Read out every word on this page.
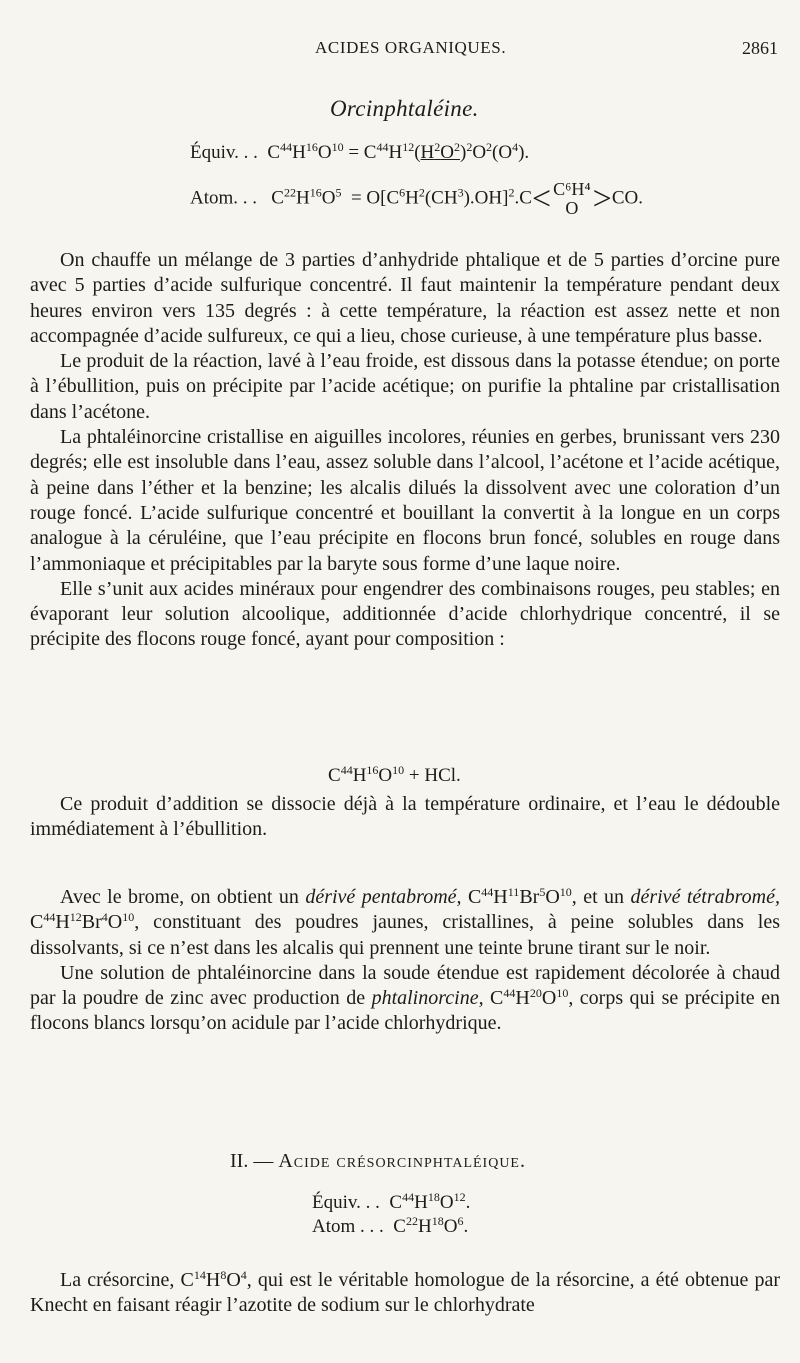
ACIDES ORGANIQUES.	2861
Orcinphtaléine.
Équiv. . .  $C^{44}H^{16}O^{10} = C^{44}H^{12}(H^2O^2)^2O^2(O^4)$.
Atom. . .   $C^{22}H^{16}O^5 = O[C^6H^2(CH^3).OH]^2.C< C^6H^4$
O >CO.

On chauffe un mélange de 3 parties d’anhydride phtalique et de 5 parties d’orcine pure avec 5 parties d’acide sulfurique concentré. Il faut maintenir la température pendant deux heures environ vers 135 degrés : à cette température, la réaction est assez nette et non accompagnée d’acide sulfureux, ce qui a lieu, chose curieuse, à une température plus basse.

Le produit de la réaction, lavé à l’eau froide, est dissous dans la potasse étendue; on porte à l’ébullition, puis on précipite par l’acide acétique; on purifie la phtaline par cristallisation dans l’acétone.

La phtaléinorcine cristallise en aiguilles incolores, réunies en gerbes, brunissant vers 230 degrés; elle est insoluble dans l’eau, assez soluble dans l’alcool, l’acétone et l’acide acétique, à peine dans l’éther et la benzine; les alcalis dilués la dissolvent avec une coloration d’un rouge foncé. L’acide sulfurique concentré et bouillant la convertit à la longue en un corps analogue à la céruléine, que l’eau précipite en flocons brun foncé, solubles en rouge dans l’ammoniaque et précipitables par la baryte sous forme d’une laque noire.

Elle s’unit aux acides minéraux pour engendrer des combinaisons rouges, peu stables; en évaporant leur solution alcoolique, additionnée d’acide chlorhydrique concentré, il se précipite des flocons rouge foncé, ayant pour composition :

$C^{44}H^{16}O^{10}$ + HCl.

Ce produit d’addition se dissocie déjà à la température ordinaire, et l’eau le dédouble immédiatement à l’ébullition.

Avec le brome, on obtient un dérivé pentabromé, $C^{44}H^{11}Br^5O^{10}$, et un dérivé tétrabromé, $C^{44}H^{12}Br^4O^{10}$, constituant des poudres jaunes, cristallines, à peine solubles dans les dissolvants, si ce n’est dans les alcalis qui prennent une teinte brune tirant sur le noir.

Une solution de phtaléinorcine dans la soude étendue est rapidement décolorée à chaud par la poudre de zinc avec production de phtalinorcine, $C^{44}H^{20}O^{10}$, corps qui se précipite en flocons blancs lorsqu’on acidule par l’acide chlorhydrique.

II. — Acide crésorcinphtaléique.
Équiv. . .  $C^{44}H^{18}O^{12}$.
Atom . . .  $C^{22}H^{18}O^6$.

La crésorcine, $C^{14}H^8O^4$, qui est le véritable homologue de la résorcine, a été obtenue par Knecht en faisant réagir l’azotite de sodium sur le chlorhydrate
